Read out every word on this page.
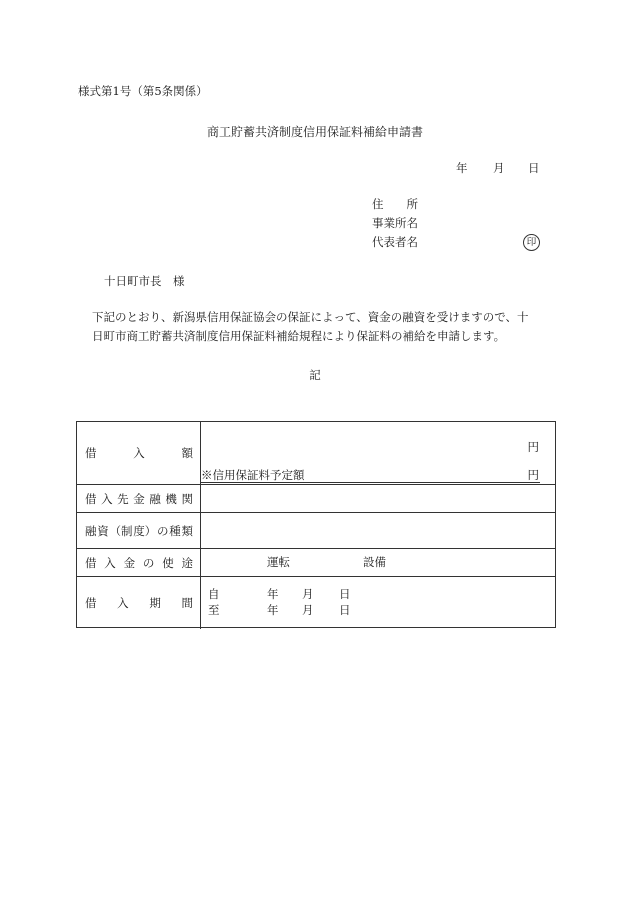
様式第1号（第5条関係）
商工貯蓄共済制度信用保証料補給申請書
年 月 日
住　　所
事業所名
代表者名	印
十日町市長　様
下記のとおり、新潟県信用保証協会の保証によって、資金の融資を受けますので、十
日町市商工貯蓄共済制度信用保証料補給規程により保証料の補給を申請します。
記
借	入	額	円
※信用保証料予定額	円
借 入 先 金 融 機 関
融 資 （制 度） の 種 類
借 入 金 の 使 途	運転	設備
借 入 期 間
自	年 月 日
至	年 月 日
